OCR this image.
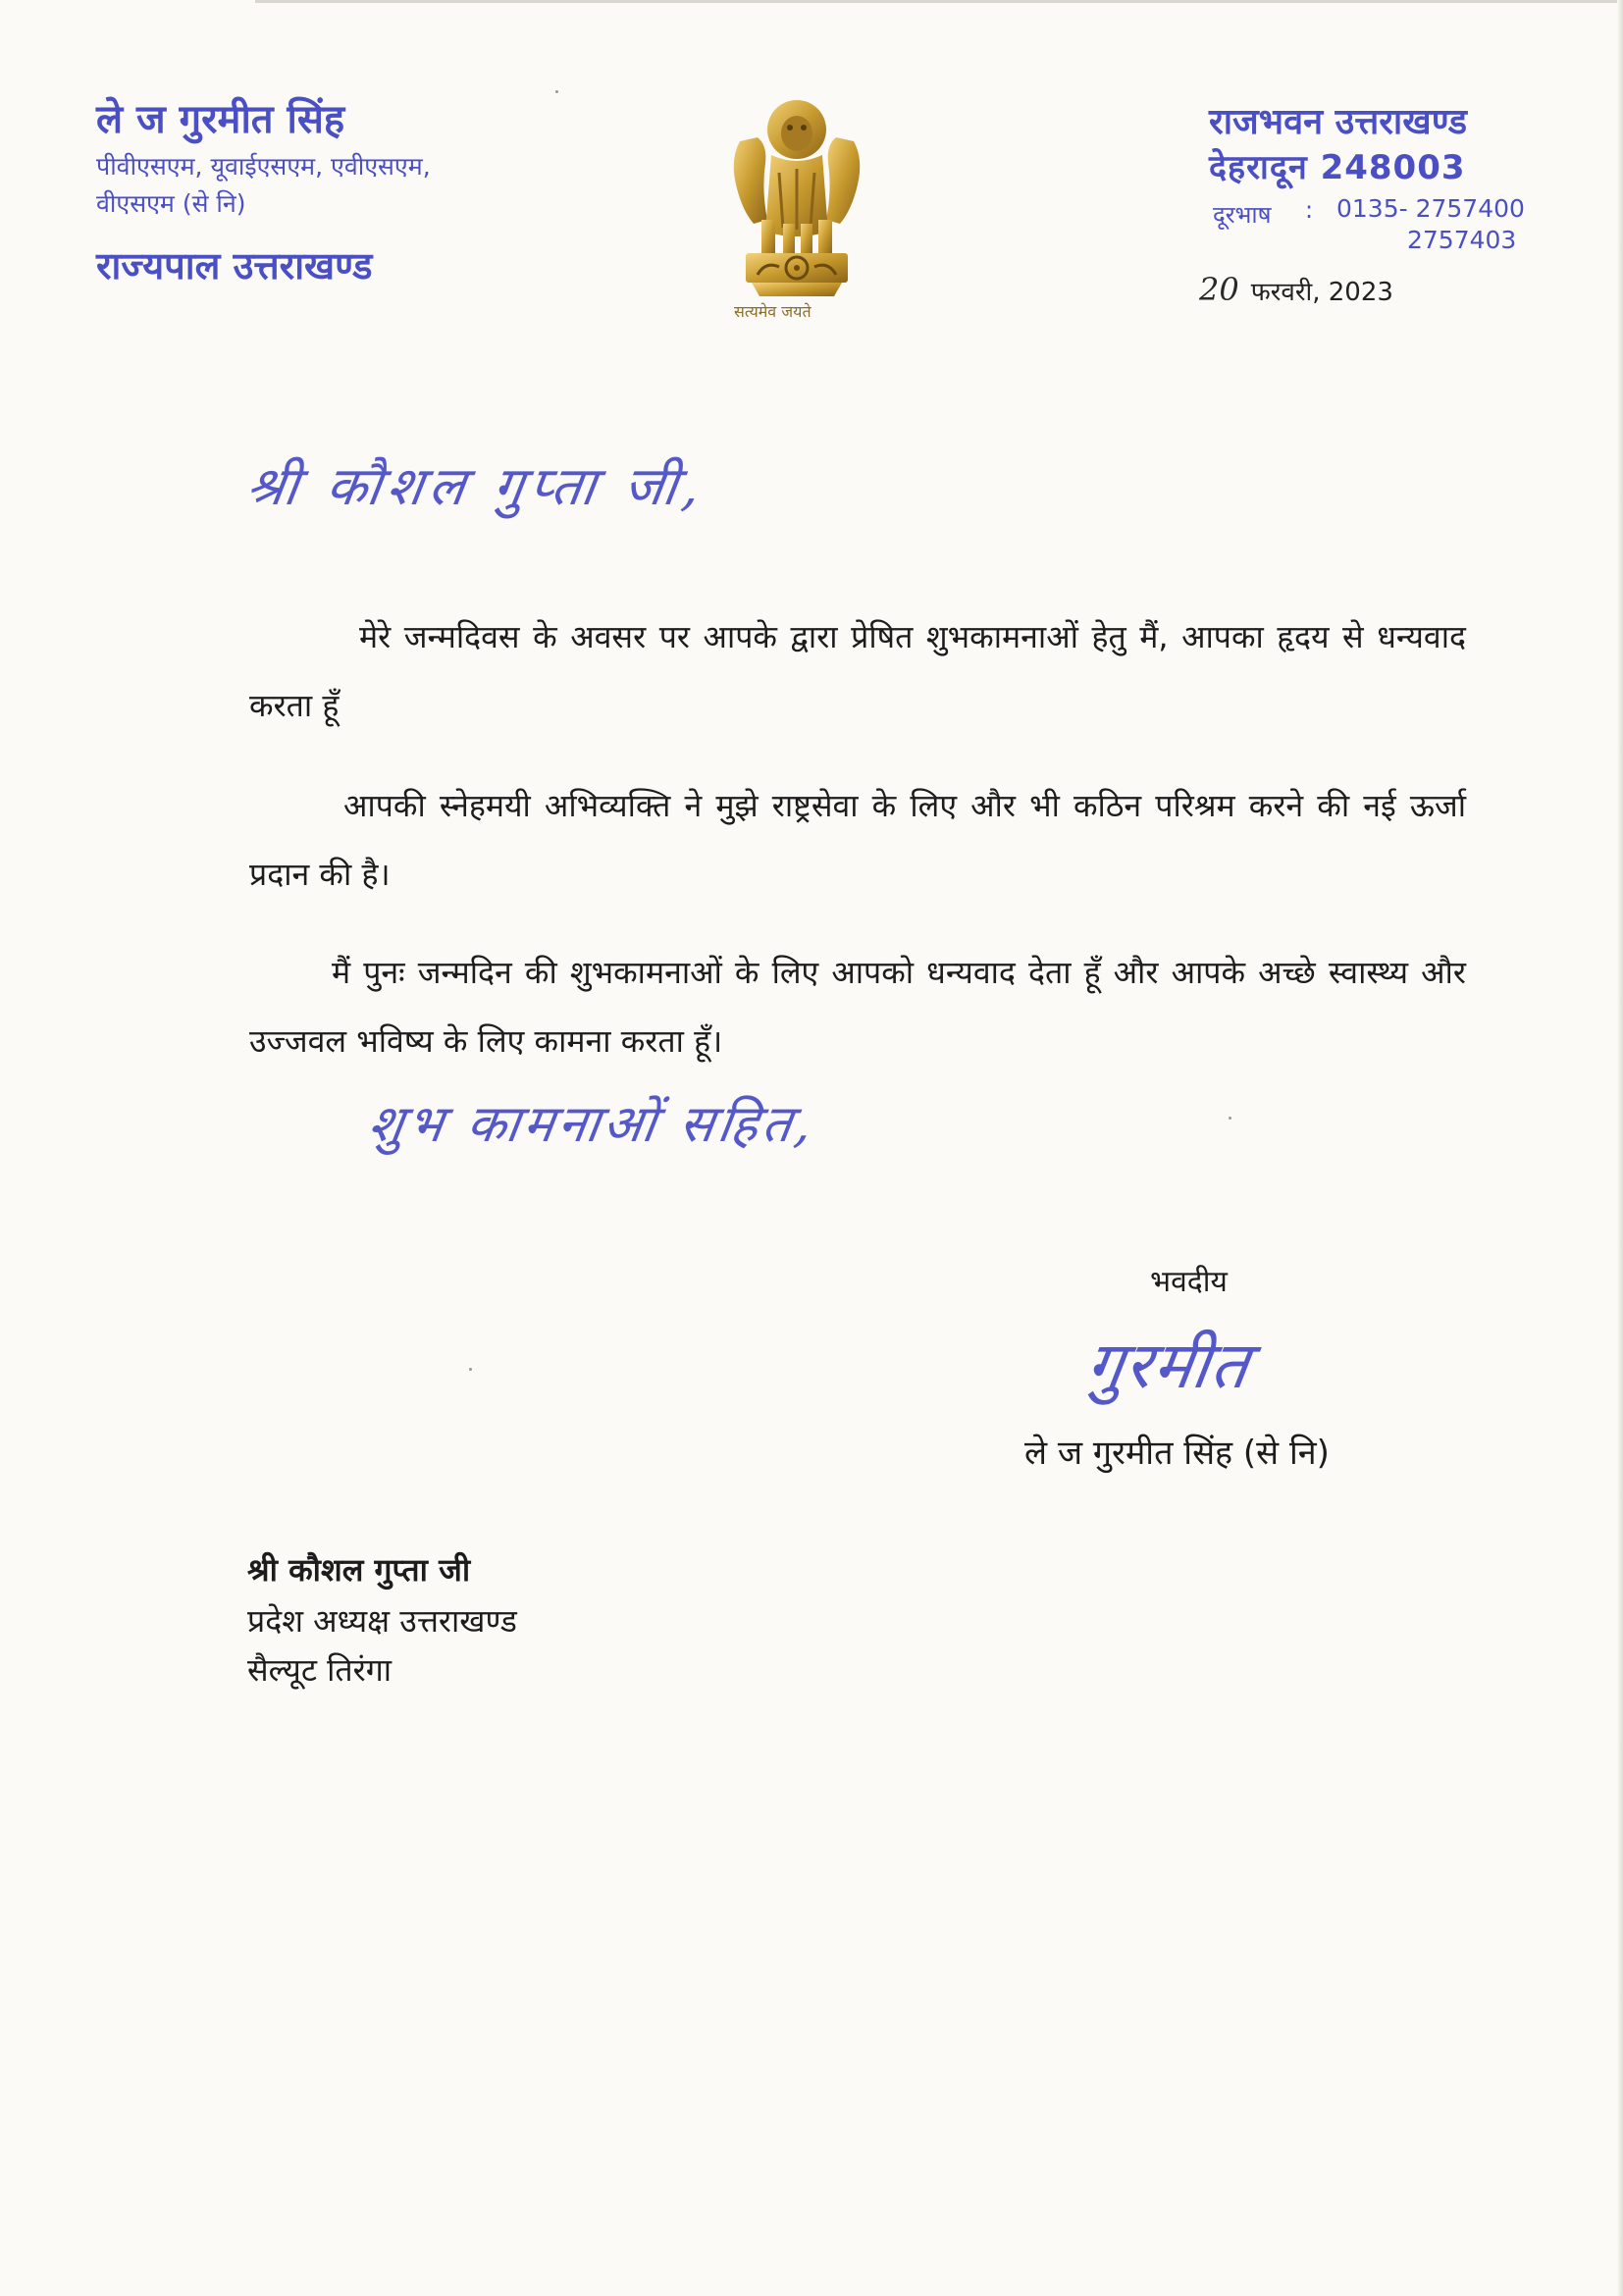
ले ज गुरमीत सिंह

पीवीएसएम, यूवाईएसएम, एवीएसएम,

वीएसएम (से नि)

राज्यपाल उत्तराखण्ड

सत्यमेव जयते

राजभवन उत्तराखण्ड

देहरादून 248003

दूरभाष : 0135- 2757400

2757403

20 फरवरी, 2023

श्री कौशल गुप्ता जी,

मेरे जन्मदिवस के अवसर पर आपके द्वारा प्रेषित शुभकामनाओं हेतु मैं, आपका हृदय से धन्यवाद करता हूँ

आपकी स्नेहमयी अभिव्यक्ति ने मुझे राष्ट्रसेवा के लिए और भी कठिन परिश्रम करने की नई ऊर्जा प्रदान की है।

मैं पुनः जन्मदिन की शुभकामनाओं के लिए आपको धन्यवाद देता हूँ और आपके अच्छे स्वास्थ्य और उज्जवल भविष्य के लिए कामना करता हूँ।

शुभ कामनाओं सहित,

भवदीय

गुरमीत

ले ज गुरमीत सिंह (से नि)

श्री कौशल गुप्ता जी

प्रदेश अध्यक्ष उत्तराखण्ड

सैल्यूट तिरंगा
